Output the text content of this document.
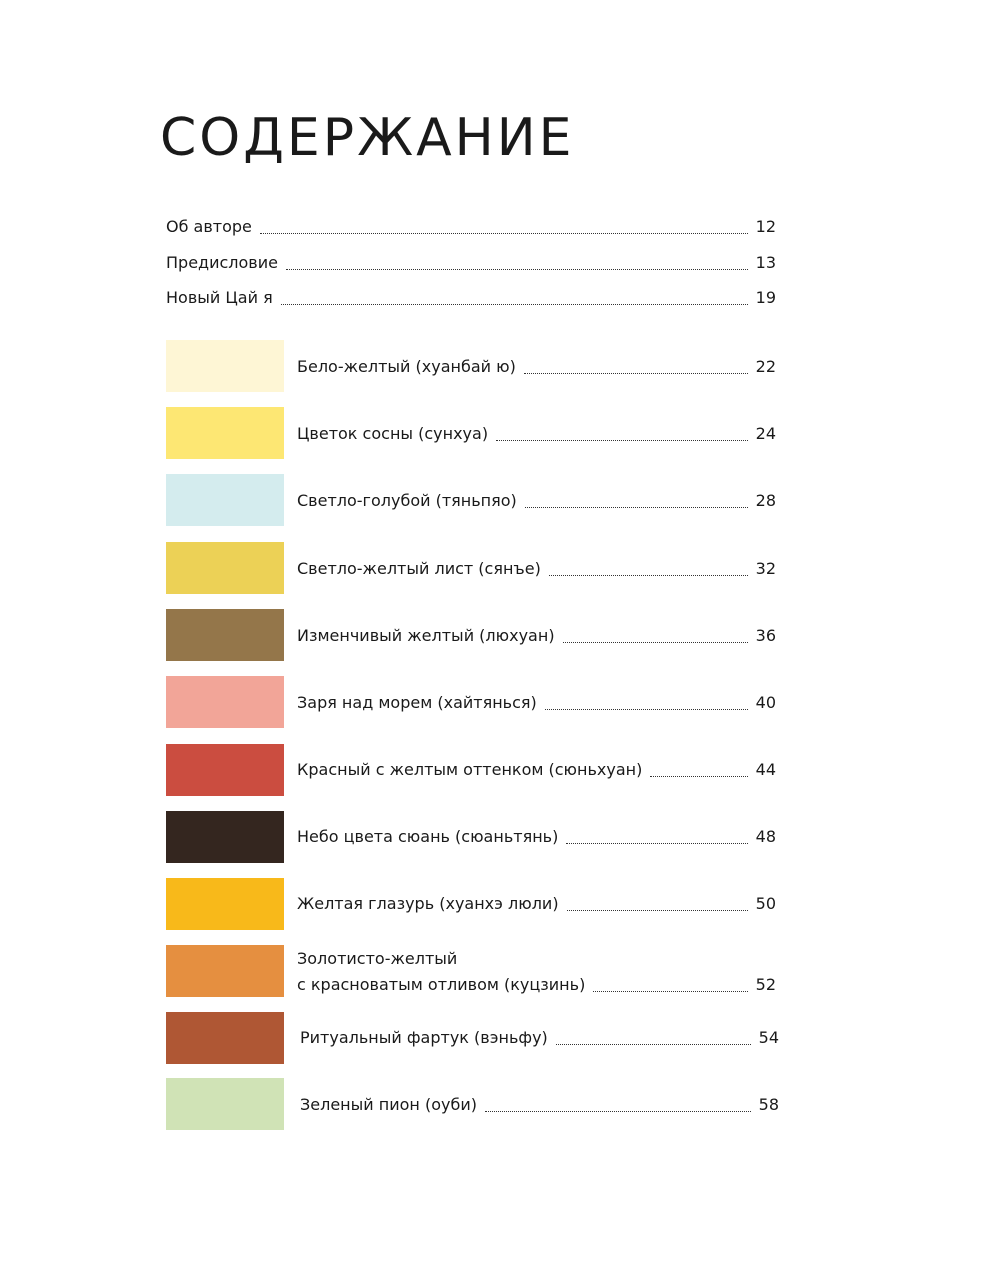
СОДЕРЖАНИЕ
Об авторе	12
Предисловие	13
Новый Цай я	19
Бело-желтый (хуанбай ю)	22
Цветок сосны (сунхуа)	24
Светло-голубой (тяньпяо)	28
Светло-желтый лист (сянъе)	32
Изменчивый желтый (люхуан)	36
Заря над морем (хайтянься)	40
Красный с желтым оттенком (сюньхуан)	44
Небо цвета сюань (сюаньтянь)	48
Желтая глазурь (хуанхэ люли)	50
Золотисто-желтый
с красноватым отливом (куцзинь)	52
Ритуальный фартук (вэньфу)	54
Зеленый пион (оуби)	58
